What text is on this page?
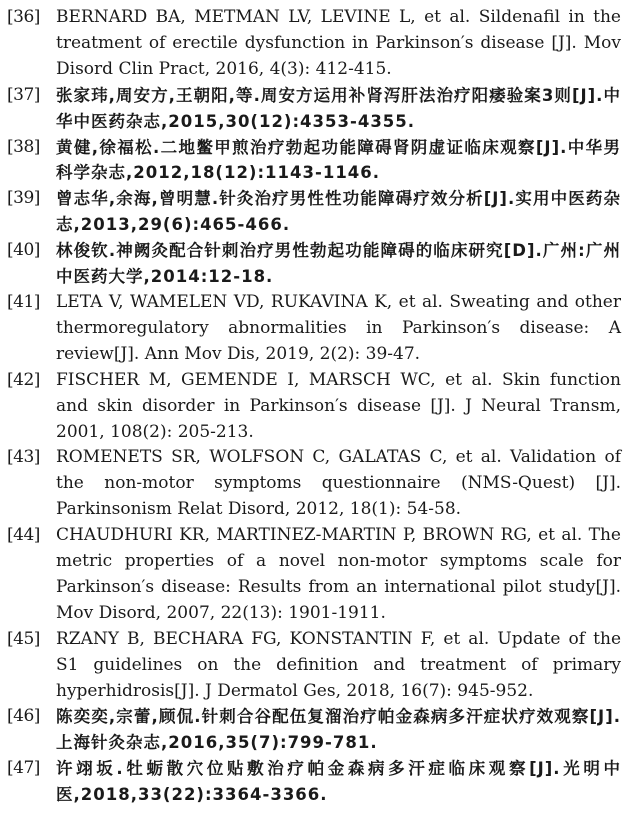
[36] BERNARD BA, METMAN LV, LEVINE L, et al. Sildenafil in the treatment of erectile dysfunction in Parkinson′s disease [J]. Mov Disord Clin Pract, 2016, 4(3): 412-415.
[37] 张家玮,周安方,王朝阳,等.周安方运用补肾泻肝法治疗阳痿验案3则[J].中华中医药杂志,2015,30(12):4353-4355.
[38] 黄健,徐福松.二地鳖甲煎治疗勃起功能障碍肾阴虚证临床观察[J].中华男科学杂志,2012,18(12):1143-1146.
[39] 曾志华,余海,曾明慧.针灸治疗男性性功能障碍疗效分析[J].实用中医药杂志,2013,29(6):465-466.
[40] 林俊钦.神阙灸配合针刺治疗男性勃起功能障碍的临床研究[D].广州:广州中医药大学,2014:12-18.
[41] LETA V, WAMELEN VD, RUKAVINA K, et al. Sweating and other thermoregulatory abnormalities in Parkinson′s disease: A review[J]. Ann Mov Dis, 2019, 2(2): 39-47.
[42] FISCHER M, GEMENDE I, MARSCH WC, et al. Skin function and skin disorder in Parkinson′s disease [J]. J Neural Transm, 2001, 108(2): 205-213.
[43] ROMENETS SR, WOLFSON C, GALATAS C, et al. Validation of the non-motor symptoms questionnaire (NMS-Quest) [J]. Parkinsonism Relat Disord, 2012, 18(1): 54-58.
[44] CHAUDHURI KR, MARTINEZ-MARTIN P, BROWN RG, et al. The metric properties of a novel non-motor symptoms scale for Parkinson′s disease: Results from an international pilot study[J]. Mov Disord, 2007, 22(13): 1901-1911.
[45] RZANY B, BECHARA FG, KONSTANTIN F, et al. Update of the S1 guidelines on the definition and treatment of primary hyperhidrosis[J]. J Dermatol Ges, 2018, 16(7): 945-952.
[46] 陈奕奕,宗蕾,顾侃.针刺合谷配伍复溜治疗帕金森病多汗症状疗效观察[J].上海针灸杂志,2016,35(7):799-781.
[47] 许翊坂.牡蛎散穴位贴敷治疗帕金森病多汗症临床观察[J].光明中医,2018,33(22):3364-3366.
